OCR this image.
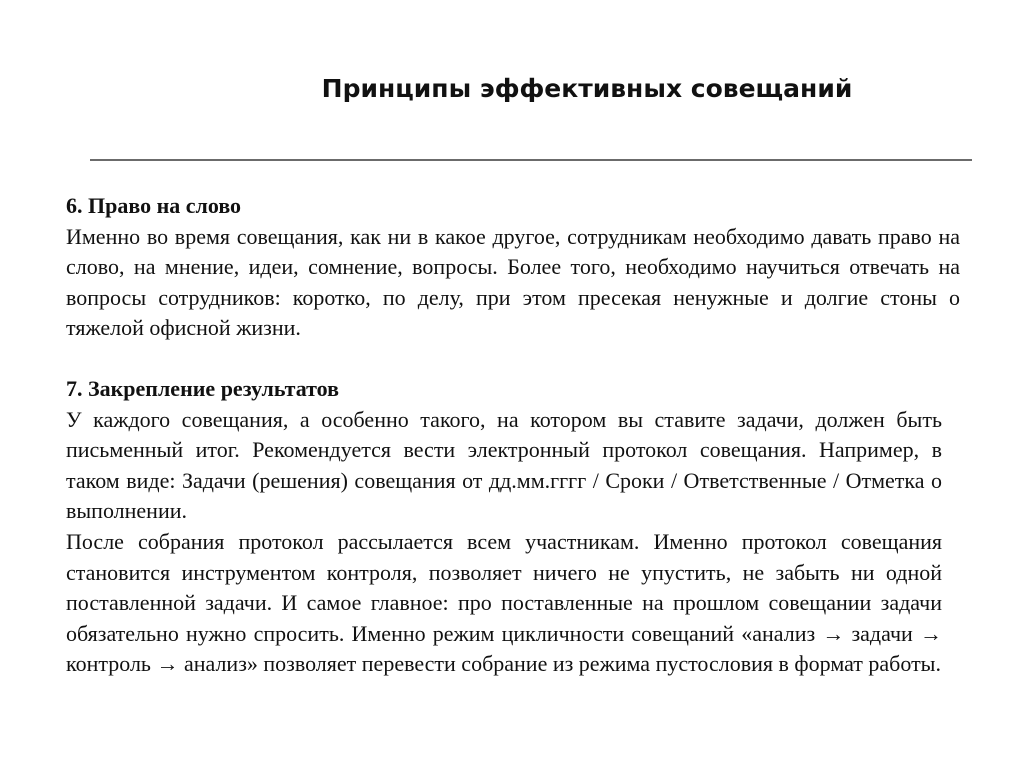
Принципы эффективных совещаний
6. Право на слово

Именно во время совещания, как ни в какое другое, сотрудникам необходимо давать право на слово, на мнение, идеи, сомнение, вопросы. Более того, необходимо научиться отвечать на вопросы сотрудников: коротко, по делу, при этом пресекая ненужные и долгие стоны о тяжелой офисной жизни.

7. Закрепление результатов

У каждого совещания, а особенно такого, на котором вы ставите задачи, должен быть письменный итог. Рекомендуется вести электронный протокол совещания. Например, в таком виде: Задачи (решения) совещания от дд.мм.гггг / Сроки / Ответственные / Отметка о выполнении.

После собрания протокол рассылается всем участникам. Именно протокол совещания становится инструментом контроля, позволяет ничего не упустить, не забыть ни одной поставленной задачи. И самое главное: про поставленные на прошлом совещании задачи обязательно нужно спросить. Именно режим цикличности совещаний «анализ → задачи → контроль → анализ» позволяет перевести собрание из режима пустословия в формат работы.
